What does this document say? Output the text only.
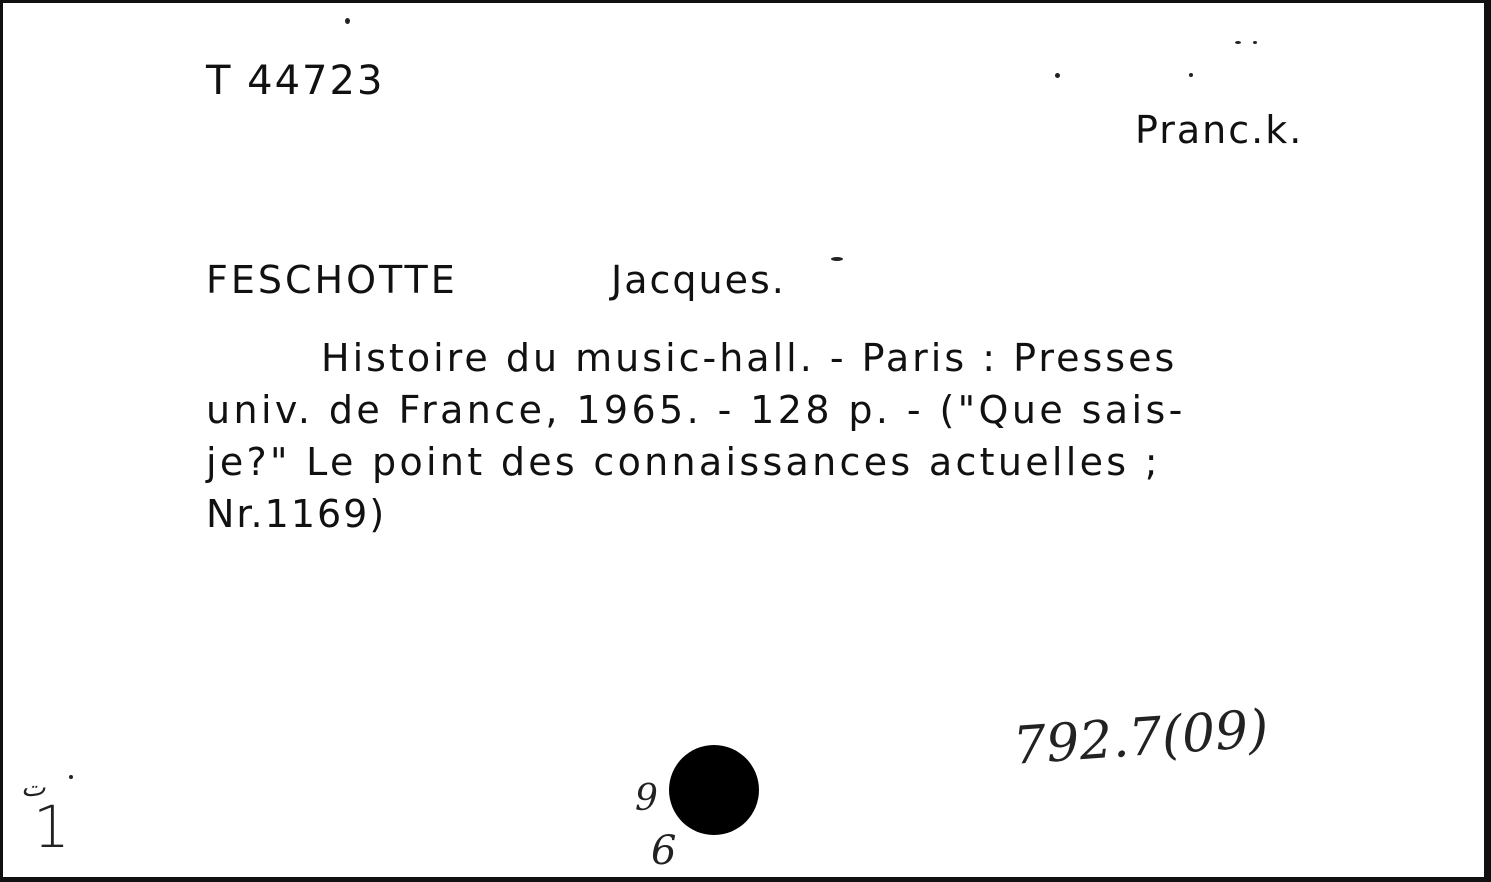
T 44723
Pranc.k.
FESCHOTTE	Jacques.
Histoire du music-hall. - Paris : Presses
univ. de France, 1965. - 128 p. - ("Que sais-
je?" Le point des connaissances actuelles ;
Nr.1169)
792.7(09)
ت
1	9
6
